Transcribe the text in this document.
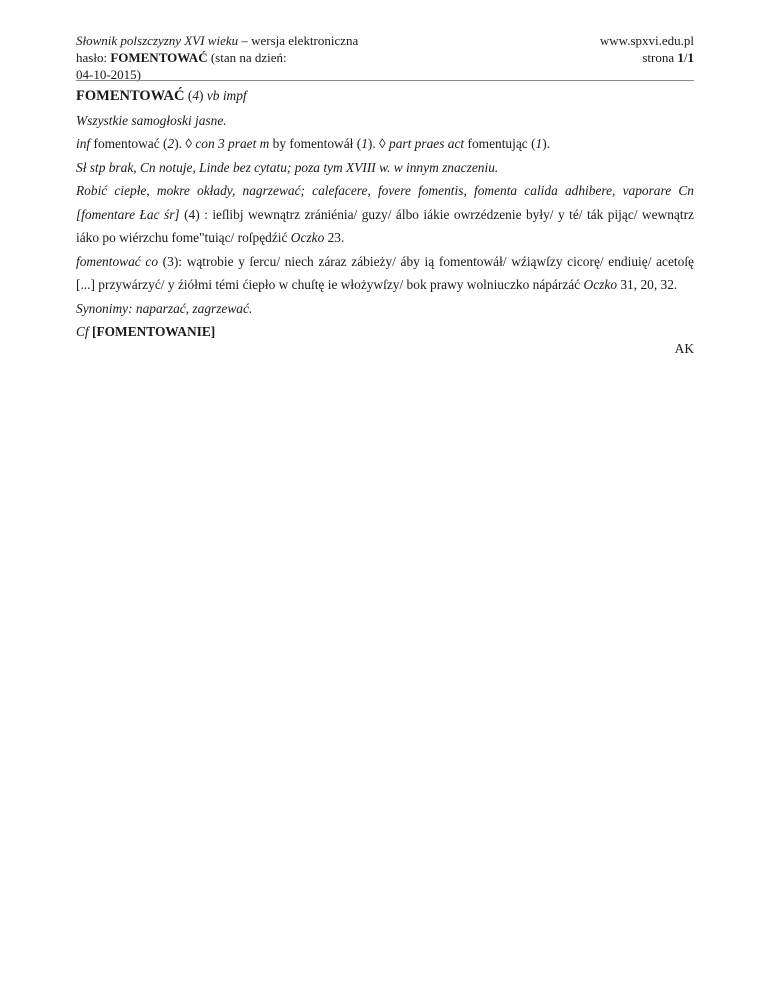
Słownik polszczyzny XVI wieku – wersja elektroniczna
hasło: FOMENTOWAĆ (stan na dzień:
04-10-2015)
www.spxvi.edu.pl
strona 1/1

FOMENTOWAĆ (4) vb impf

Wszystkie samogłoski jasne.

inf fomentować (2). ◊ con 3 praet m by fomentowáł (1). ◊ part praes act fomentując (1).

Sł stp brak, Cn notuje, Linde bez cytatu; poza tym XVIII w. w innym znaczeniu.

Robić ciepłe, mokre okłady, nagrzewać; calefacere, fovere fomentis, fomenta calida adhibere, vaporare Cn [fomentare Łac śr] (4) : ieſlibj wewnątrz zrániénia/ guzy/ álbo iákie owrzédzenie były/ y té/ ták pijąc/ wewnątrz iáko po wiérzchu fome"tuiąc/ roſpędźić Oczko 23.

fomentować co (3): wątrobie y ſercu/ niech záraz zábieży/ áby ią fomentowáł/ wźiąwſzy cicorę/ endiuię/ acetoſę [...] przywárzyć/ y źiółmi témi ćiepło w chuſtę ie włożywſzy/ bok prawy wolniuczko nápárzáć Oczko 31, 20, 32.

Synonimy: naparzać, zagrzewać.

Cf [FOMENTOWANIE]

AK
